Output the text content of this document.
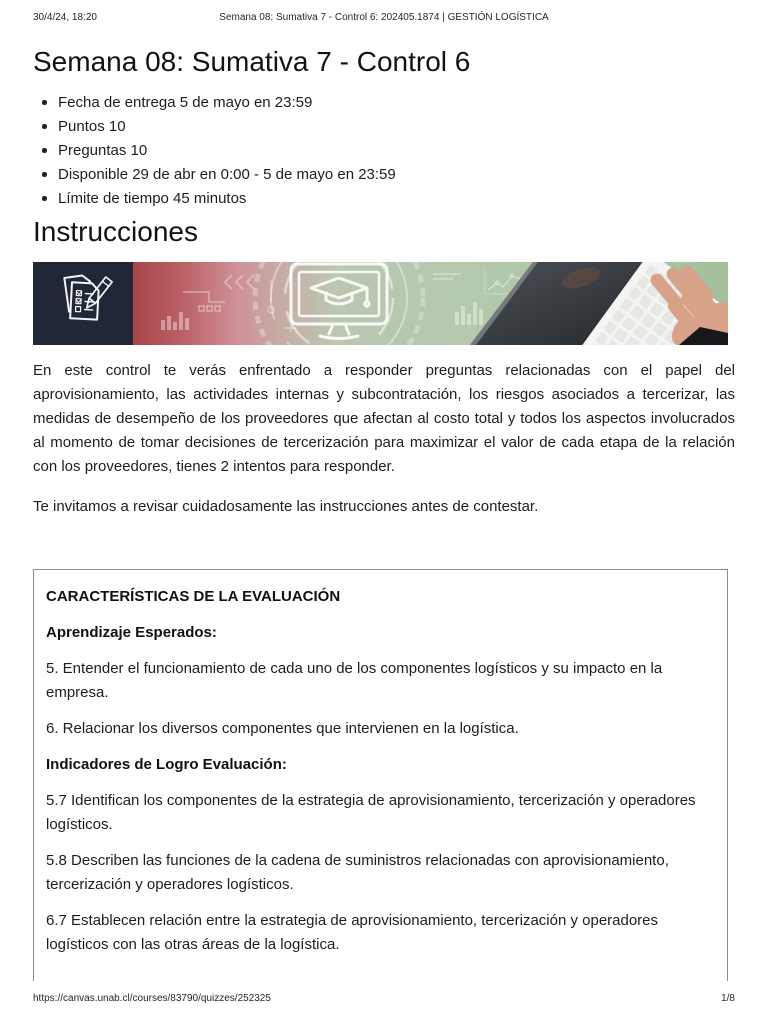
30/4/24, 18:20	Semana 08: Sumativa 7 - Control 6: 202405.1874 | GESTIÓN LOGÍSTICA
Semana 08: Sumativa 7 - Control 6
Fecha de entrega 5 de mayo en 23:59
Puntos 10
Preguntas 10
Disponible 29 de abr en 0:00 - 5 de mayo en 23:59
Límite de tiempo 45 minutos
Instrucciones

En este control te verás enfrentado a responder preguntas relacionadas con el papel del aprovisionamiento, las actividades internas y subcontratación, los riesgos asociados a tercerizar, las medidas de desempeño de los proveedores que afectan al costo total y todos los aspectos involucrados al momento de tomar decisiones de tercerización para maximizar el valor de cada etapa de la relación con los proveedores, tienes 2 intentos para responder.

Te invitamos a revisar cuidadosamente las instrucciones antes de contestar.

CARACTERÍSTICAS DE LA EVALUACIÓN

Aprendizaje Esperados:

5. Entender el funcionamiento de cada uno de los componentes logísticos y su impacto en la empresa.

6. Relacionar los diversos componentes que intervienen en la logística.

Indicadores de Logro Evaluación:

5.7 Identifican los componentes de la estrategia de aprovisionamiento, tercerización y operadores logísticos.

5.8 Describen las funciones de la cadena de suministros relacionadas con aprovisionamiento, tercerización y operadores logísticos.

6.7 Establecen relación entre la estrategia de aprovisionamiento, tercerización y operadores logísticos con las otras áreas de la logística.

https://canvas.unab.cl/courses/83790/quizzes/252325	1/8
